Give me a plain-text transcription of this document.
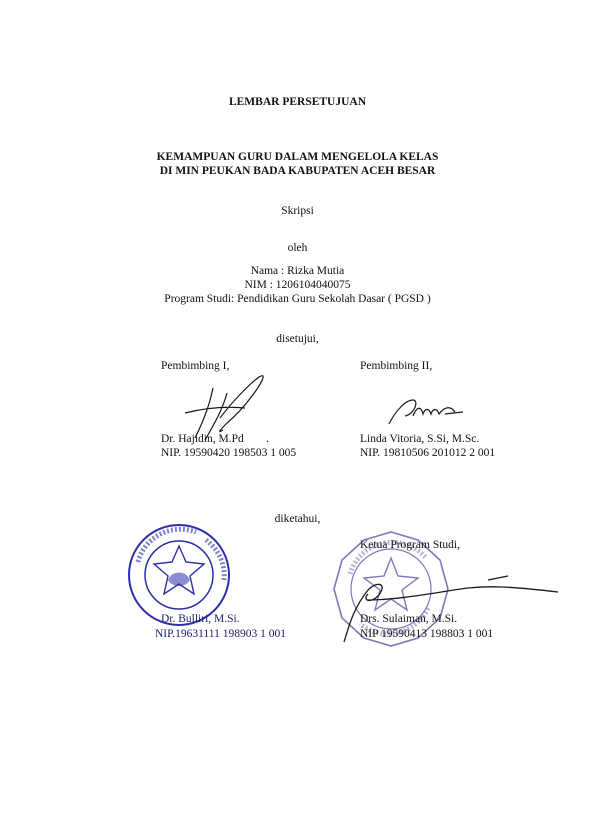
LEMBAR PERSETUJUAN
KEMAMPUAN GURU DALAM MENGELOLA KELAS
DI MIN PEUKAN BADA KABUPATEN ACEH BESAR
Skripsi
oleh
Nama : Rizka Mutia
NIM : 1206104040075
Program Studi: Pendidikan Guru Sekolah Dasar ( PGSD )
disetujui,
Pembimbing I,	Pembimbing II,
Dr. Hajidin, M.Pd .
NIP. 19590420 198503 1 005
Linda Vitoria, S.Si, M.Sc.
NIP. 19810506 201012 2 001
diketahui,
Ketua Program Studi,
Dr. Bulliri, M.Si.
NIP.19631111 198903 1 001
Drs. Sulaiman, M.Si.
NIP 19590413 198803 1 001
